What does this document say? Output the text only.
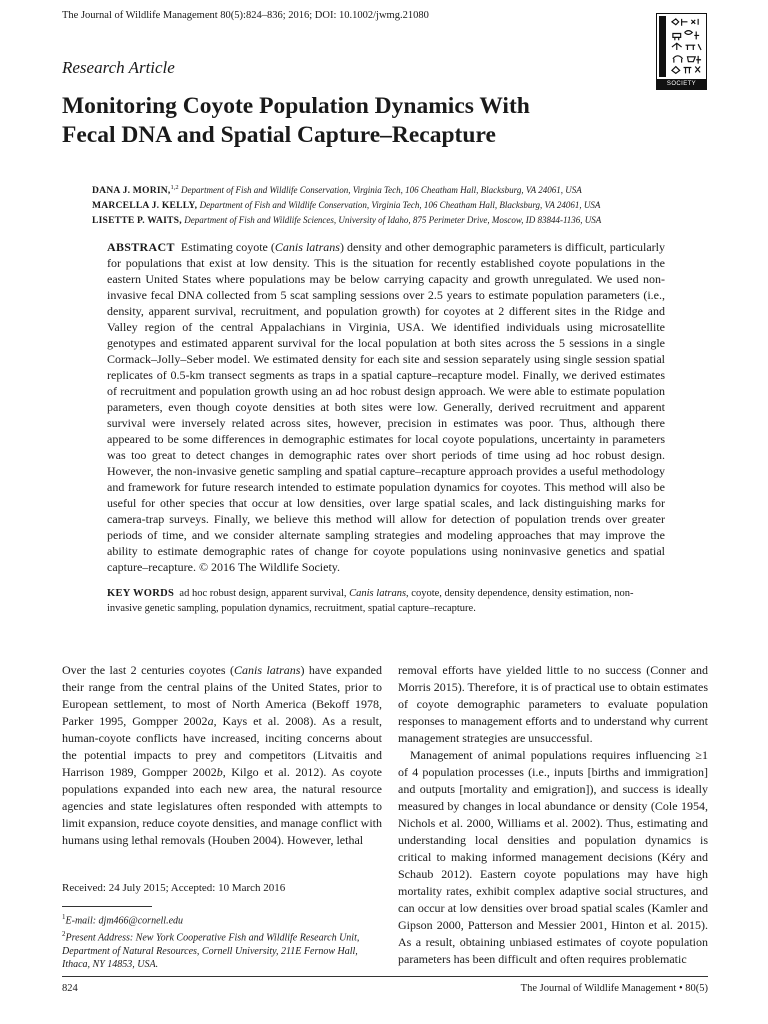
The Journal of Wildlife Management 80(5):824–836; 2016; DOI: 10.1002/jwmg.21080
SOCIETY
Research Article
Monitoring Coyote Population Dynamics With
Fecal DNA and Spatial Capture–Recapture
DANA J. MORIN,$^{1,2}$ Department of Fish and Wildlife Conservation, Virginia Tech, 106 Cheatham Hall, Blacksburg, VA 24061, USA
MARCELLA J. KELLY, Department of Fish and Wildlife Conservation, Virginia Tech, 106 Cheatham Hall, Blacksburg, VA 24061, USA
LISETTE P. WAITS, Department of Fish and Wildlife Sciences, University of Idaho, 875 Perimeter Drive, Moscow, ID 83844-1136, USA

ABSTRACT Estimating coyote (Canis latrans) density and other demographic parameters is difficult, particularly for populations that exist at low density. This is the situation for recently established coyote populations in the eastern United States where populations may be below carrying capacity and growth unregulated. We used non-invasive fecal DNA collected from 5 scat sampling sessions over 2.5 years to estimate population parameters (i.e., density, apparent survival, recruitment, and population growth) for coyotes at 2 different sites in the Ridge and Valley region of the central Appalachians in Virginia, USA. We identified individuals using microsatellite genotypes and estimated apparent survival for the local population at both sites across the 5 sessions in a single Cormack–Jolly–Seber model. We estimated density for each site and session separately using single session spatial replicates of 0.5-km transect segments as traps in a spatial capture–recapture model. Finally, we derived estimates of recruitment and population growth using an ad hoc robust design approach. We were able to estimate population parameters, even though coyote densities at both sites were low. Generally, derived recruitment and apparent survival were inversely related across sites, however, precision in estimates was poor. Thus, although there appeared to be some differences in demographic estimates for local coyote populations, uncertainty in parameters was too great to detect changes in demographic rates over short periods of time using ad hoc robust design. However, the non-invasive genetic sampling and spatial capture–recapture approach provides a useful methodology and framework for future research intended to estimate population dynamics for coyotes. This method will also be useful for other species that occur at low densities, over large spatial scales, and lack distinguishing marks for camera-trap surveys. Finally, we believe this method will allow for detection of population trends over greater periods of time, and we consider alternate sampling strategies and modeling approaches that may improve the ability to estimate demographic rates of change for coyote populations using noninvasive genetics and spatial capture–recapture. © 2016 The Wildlife Society.

KEY WORDS ad hoc robust design, apparent survival, Canis latrans, coyote, density dependence, density estimation, non-invasive genetic sampling, population dynamics, recruitment, spatial capture–recapture.

Over the last 2 centuries coyotes (Canis latrans) have expanded their range from the central plains of the United States, prior to European settlement, to most of North America (Bekoff 1978, Parker 1995, Gompper 2002a, Kays et al. 2008). As a result, human-coyote conflicts have increased, inciting concerns about the potential impacts to prey and competitors (Litvaitis and Harrison 1989, Gompper 2002b, Kilgo et al. 2012). As coyote populations expanded into each new area, the natural resource agencies and state legislatures often responded with attempts to limit expansion, reduce coyote densities, and manage conflict with humans using lethal removals (Houben 2004). However, lethal

removal efforts have yielded little to no success (Conner and Morris 2015). Therefore, it is of practical use to obtain estimates of coyote demographic parameters to evaluate population responses to management efforts and to understand why current management strategies are unsuccessful.

Management of animal populations requires influencing ≥1 of 4 population processes (i.e., inputs [births and immigration] and outputs [mortality and emigration]), and success is ideally measured by changes in local abundance or density (Cole 1954, Nichols et al. 2000, Williams et al. 2002). Thus, estimating and understanding local densities and population dynamics is critical to making informed management decisions (Kéry and Schaub 2012). Eastern coyote populations may have high mortality rates, exhibit complex adaptive social structures, and can occur at low densities over broad spatial scales (Kamler and Gipson 2000, Patterson and Messier 2001, Hinton et al. 2015). As a result, obtaining unbiased estimates of coyote population parameters has been difficult and often requires problematic

Received: 24 July 2015; Accepted: 10 March 2016

$^1$E-mail: djm466@cornell.edu

$^2$Present Address: New York Cooperative Fish and Wildlife Research Unit, Department of Natural Resources, Cornell University, 211E Fernow Hall, Ithaca, NY 14853, USA.

824	The Journal of Wildlife Management • 80(5)
